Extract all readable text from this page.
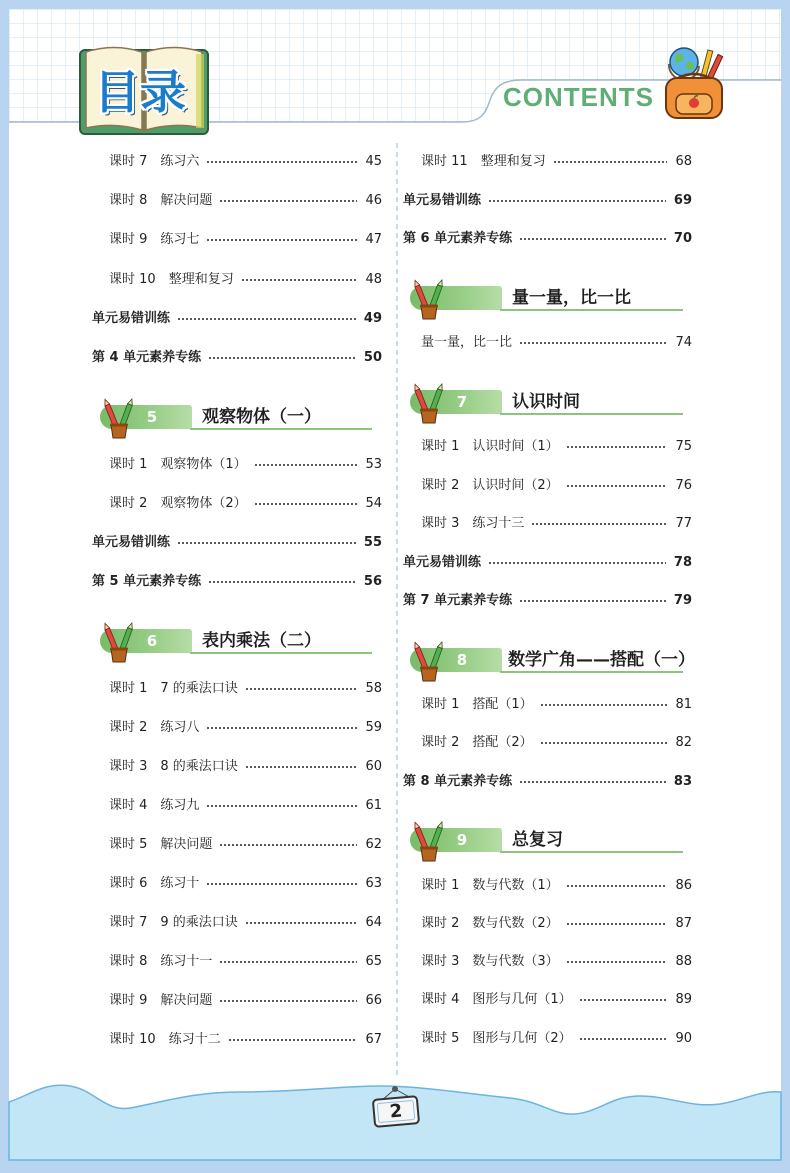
目录	CONTENTS
课时 7 练习六	45
课时 8 解决问题	46
课时 9 练习七	47
课时 10 整理和复习	48
单元易错训练	49
第 4 单元素养专练	50
5	观察物体（一）
课时 1 观察物体（1）	53
课时 2 观察物体（2）	54
单元易错训练	55
第 5 单元素养专练	56
6	表内乘法（二）
课时 1 7 的乘法口诀	58
课时 2 练习八	59
课时 3 8 的乘法口诀	60
课时 4 练习九	61
课时 5 解决问题	62
课时 6 练习十	63
课时 7 9 的乘法口诀	64
课时 8 练习十一	65
课时 9 解决问题	66
课时 10 练习十二	67
课时 11 整理和复习	68
单元易错训练	69
第 6 单元素养专练	70
量一量，比一比
量一量，比一比	74
7	认识时间
课时 1 认识时间（1）	75
课时 2 认识时间（2）	76
课时 3 练习十三	77
单元易错训练	78
第 7 单元素养专练	79
8	数学广角——搭配（一）
课时 1 搭配（1）	81
课时 2 搭配（2）	82
第 8 单元素养专练	83
9	总复习
课时 1 数与代数（1）	86
课时 2 数与代数（2）	87
课时 3 数与代数（3）	88
课时 4 图形与几何（1）	89
课时 5 图形与几何（2）	90
2
